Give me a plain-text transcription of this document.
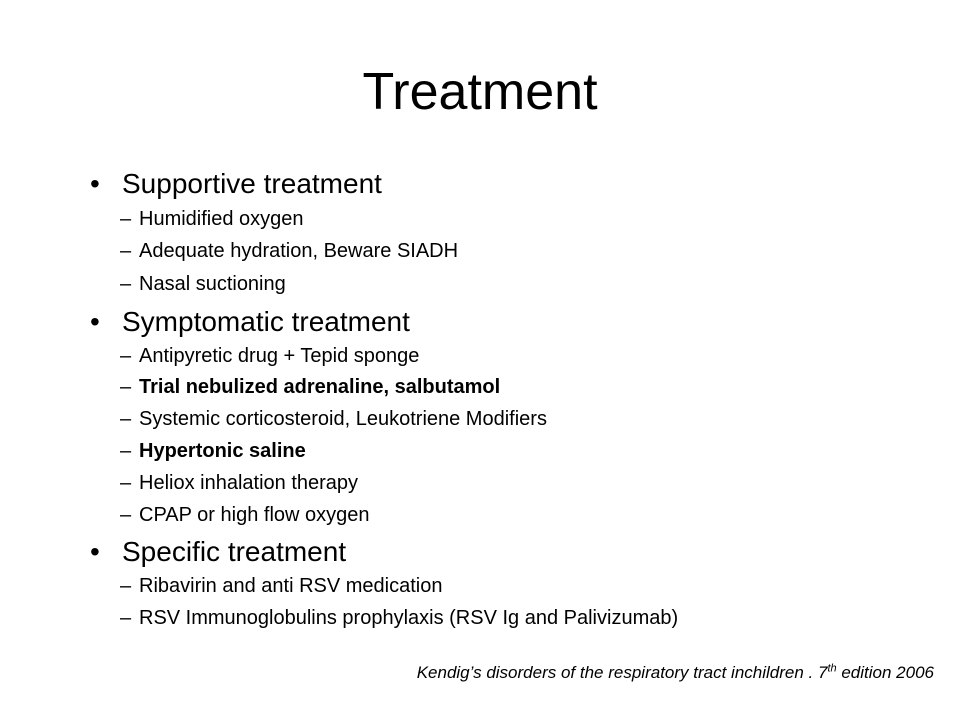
Treatment
• Supportive treatment
– Humidified oxygen
– Adequate hydration, Beware SIADH
– Nasal suctioning
• Symptomatic treatment
– Antipyretic drug + Tepid sponge
– Trial nebulized adrenaline, salbutamol
– Systemic corticosteroid, Leukotriene Modifiers
– Hypertonic saline
– Heliox inhalation therapy
– CPAP or high flow oxygen
• Specific treatment
– Ribavirin and anti RSV medication
– RSV Immunoglobulins prophylaxis (RSV Ig and Palivizumab)
Kendig’s disorders of the respiratory tract inchildren . 7th edition 2006
